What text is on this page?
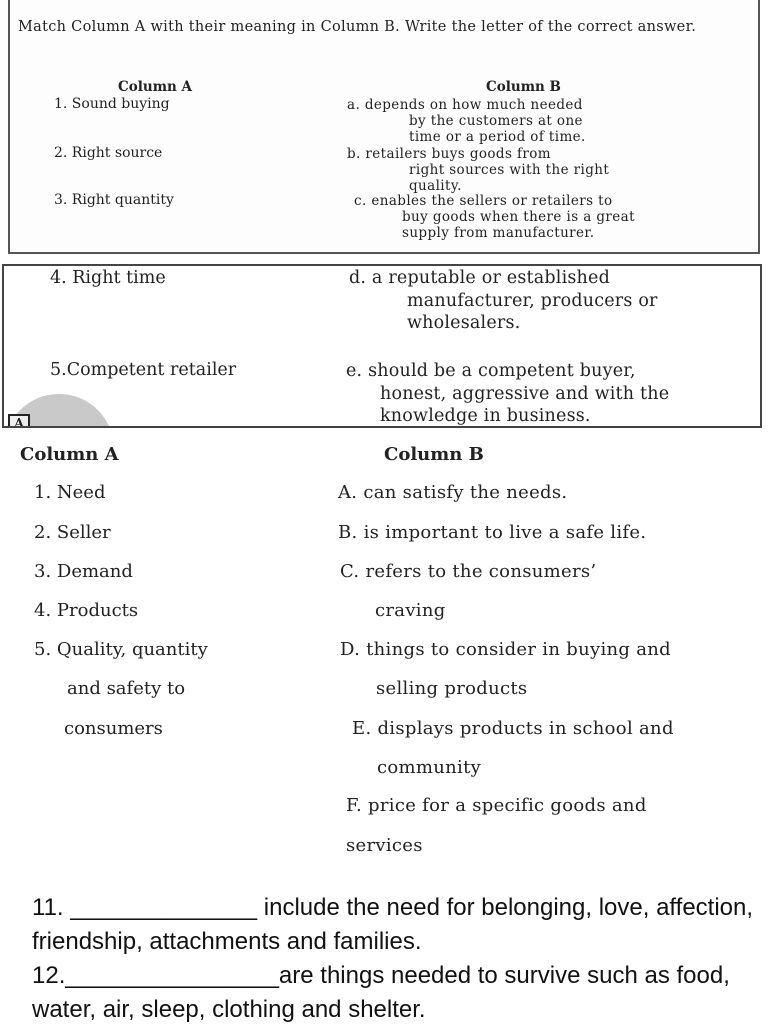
Match Column A with their meaning in Column B. Write the letter of the correct answer.
Column A	Column B
1. Sound buying
2. Right source
3. Right quantity
a. depends on how much needed
by the customers at one
time or a period of time.
b. retailers buys goods from
right sources with the right
quality.
c. enables the sellers or retailers to
buy goods when there is a great
supply from manufacturer.
A
4. Right time
5.Competent retailer
d. a reputable or established
manufacturer, producers or
wholesalers.
e. should be a competent buyer,
honest, aggressive and with the
knowledge in business.
Column A	Column B
1. Need
2. Seller
3. Demand
4. Products
5. Quality, quantity
and safety to
consumers
A. can satisfy the needs.
B. is important to live a safe life.
C. refers to the consumers’
craving
D. things to consider in buying and
selling products
E. displays products in school and
community
F. price for a specific goods and
services

11. ______________ include the need for belonging, love, affection, friendship, attachments and families.

12.________________are things needed to survive such as food, water, air, sleep, clothing and shelter.
